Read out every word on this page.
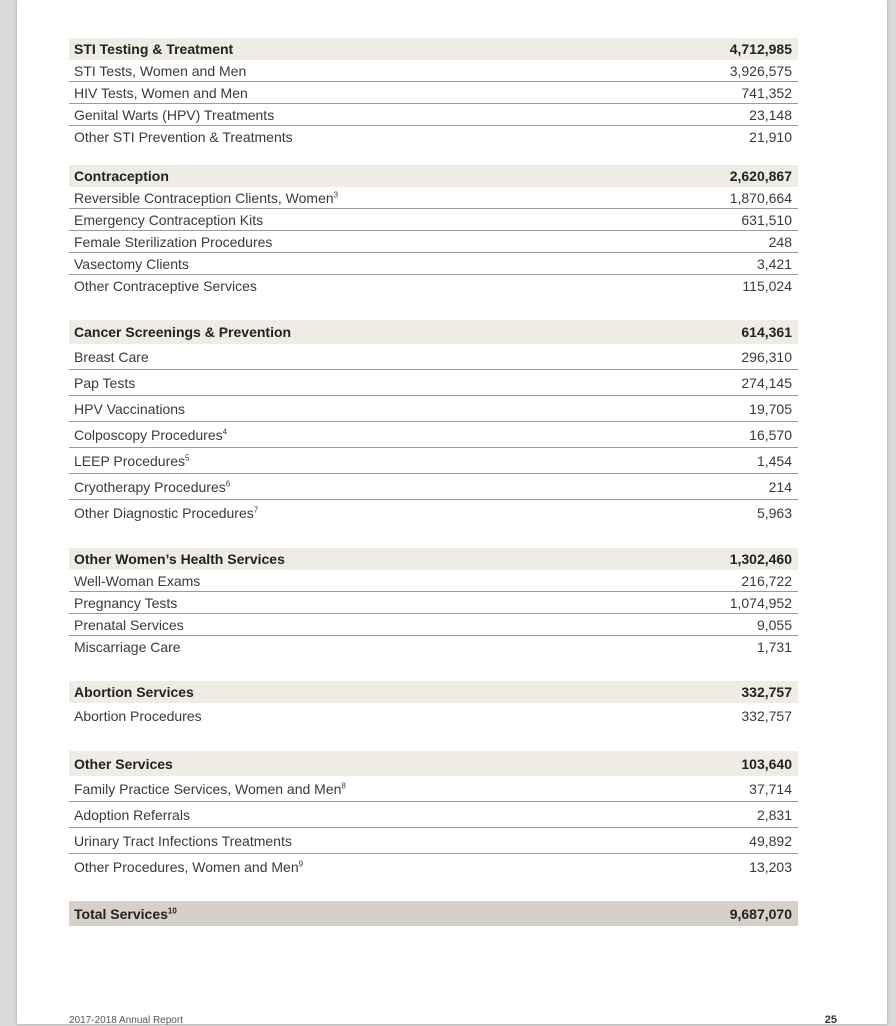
STI Testing & Treatment	4,712,985
STI Tests, Women and Men	3,926,575
HIV Tests, Women and Men	741,352
Genital Warts (HPV) Treatments	23,148
Other STI Prevention & Treatments	21,910
Contraception	2,620,867
Reversible Contraception Clients, Women$^3$	1,870,664
Emergency Contraception Kits	631,510
Female Sterilization Procedures	248
Vasectomy Clients	3,421
Other Contraceptive Services	115,024
Cancer Screenings & Prevention	614,361
Breast Care	296,310
Pap Tests	274,145
HPV Vaccinations	19,705
Colposcopy Procedures$^4$	16,570
LEEP Procedures$^5$	1,454
Cryotherapy Procedures$^6$	214
Other Diagnostic Procedures$^7$	5,963
Other Women’s Health Services	1,302,460
Well-Woman Exams	216,722
Pregnancy Tests	1,074,952
Prenatal Services	9,055
Miscarriage Care	1,731
Abortion Services	332,757
Abortion Procedures	332,757
Other Services	103,640
Family Practice Services, Women and Men$^8$	37,714
Adoption Referrals	2,831
Urinary Tract Infections Treatments	49,892
Other Procedures, Women and Men$^9$	13,203
Total Services$^{10}$	9,687,070
2017-2018 Annual Report	25
